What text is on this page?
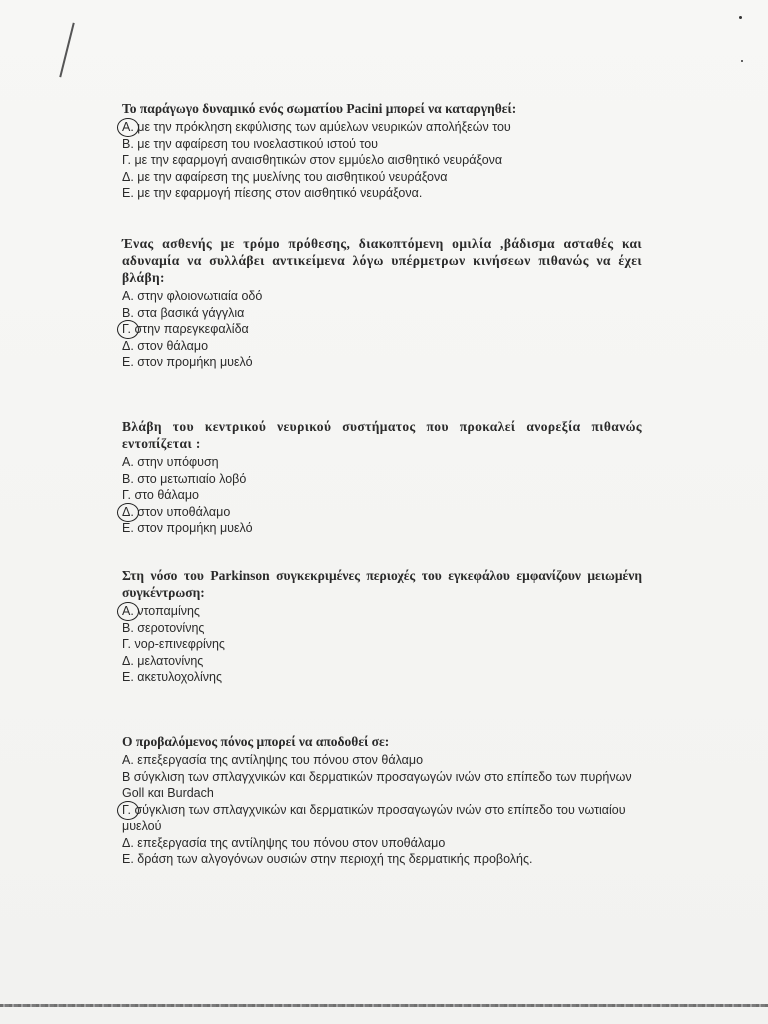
Το παράγωγο δυναμικό ενός σωματίου Pacini μπορεί να καταργηθεί:

Α. με την πρόκληση εκφύλισης των αμύελων νευρικών απολήξεών του
Β. με την αφαίρεση του ινοελαστικού ιστού του
Γ. με την εφαρμογή αναισθητικών στον εμμύελο αισθητικό νευράξονα
Δ. με την αφαίρεση της μυελίνης του αισθητικού νευράξονα
Ε. με την εφαρμογή πίεσης στον αισθητικό νευράξονα.

Ένας ασθενής με τρόμο πρόθεσης, διακοπτόμενη ομιλία ,βάδισμα ασταθές και αδυναμία να συλλάβει αντικείμενα λόγω υπέρμετρων κινήσεων πιθανώς να έχει βλάβη:

Α. στην φλοιονωτιαία οδό
Β. στα βασικά γάγγλια
Γ. στην παρεγκεφαλίδα
Δ. στον θάλαμο
Ε. στον προμήκη μυελό

Βλάβη του κεντρικού νευρικού συστήματος που προκαλεί ανορεξία πιθανώς εντοπίζεται :

Α. στην υπόφυση
Β. στο μετωπιαίο λοβό
Γ. στο θάλαμο
Δ. στον υποθάλαμο
Ε. στον προμήκη μυελό

Στη νόσο του Parkinson συγκεκριμένες περιοχές του εγκεφάλου εμφανίζουν μειωμένη συγκέντρωση:

Α. ντοπαμίνης
Β. σεροτονίνης
Γ. νορ-επινεφρίνης
Δ. μελατονίνης
Ε. ακετυλοχολίνης

Ο προβαλόμενος πόνος μπορεί να αποδοθεί σε:

Α. επεξεργασία της αντίληψης του πόνου στον θάλαμο
Β σύγκλιση των σπλαγχνικών και δερματικών προσαγωγών ινών στο επίπεδο των πυρήνων Goll και Burdach
Γ. σύγκλιση των σπλαγχνικών και δερματικών προσαγωγών ινών στο επίπεδο του νωτιαίου μυελού
Δ. επεξεργασία της αντίληψης του πόνου στον υποθάλαμο
Ε. δράση των αλγογόνων ουσιών στην περιοχή της δερματικής προβολής.
